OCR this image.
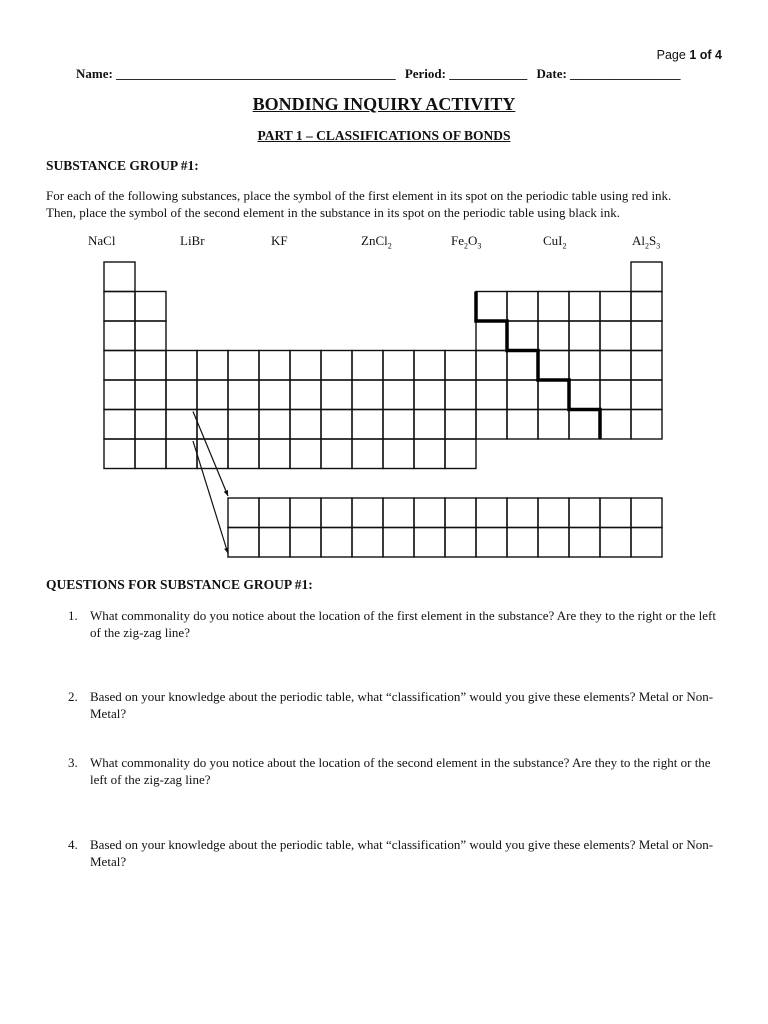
Page 1 of 4
Name: ___________________________________________ Period: ____________ Date: _________________
BONDING INQUIRY ACTIVITY
PART 1 – CLASSIFICATIONS OF BONDS
SUBSTANCE GROUP #1:
For each of the following substances, place the symbol of the first element in its spot on the periodic table using red ink.
Then, place the symbol of the second element in the substance in its spot on the periodic table using black ink.
NaCl	LiBr	KF	ZnCl$_2$	$Fe_2O_3$	CuI$_2$	$Al_2S_3$
QUESTIONS FOR SUBSTANCE GROUP #1:
1. What commonality do you notice about the location of the first element in the substance? Are they to the right or the left of the zig-zag line?
2. Based on your knowledge about the periodic table, what “classification” would you give these elements? Metal or Non-Metal?
3. What commonality do you notice about the location of the second element in the substance? Are they to the right or the left of the zig-zag line?
4. Based on your knowledge about the periodic table, what “classification” would you give these elements? Metal or Non-Metal?
